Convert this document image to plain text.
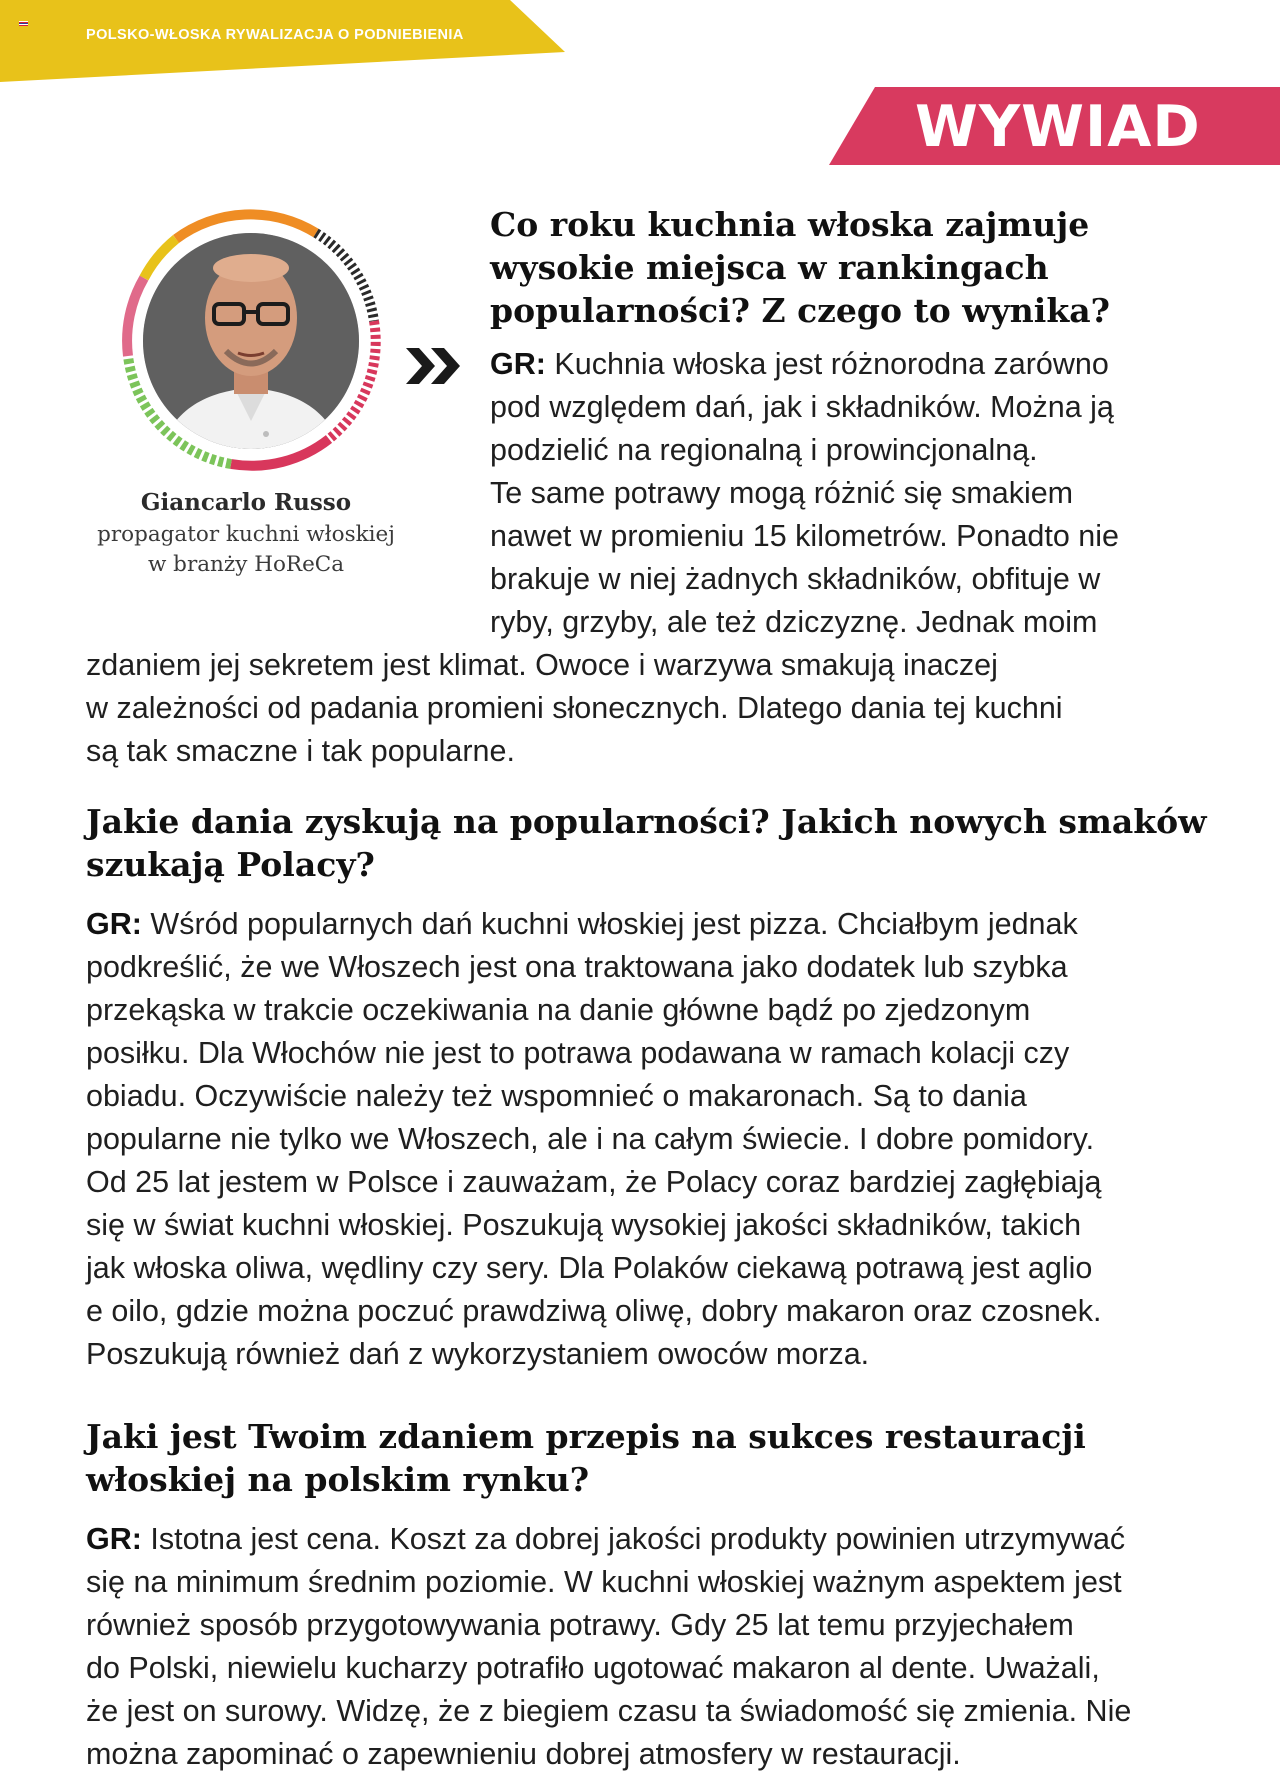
POLSKO-WŁOSKA RYWALIZACJA O PODNIEBIENIA
WYWIAD
Giancarlo Russo
propagator kuchni włoskiej
w branży HoReCa
Co roku kuchnia włoska zajmuje wysokie miejsca w rankingach popularności? Z czego to wynika?
GR: Kuchnia włoska jest różnorodna zarówno
pod względem dań, jak i składników. Można ją
podzielić na regionalną i prowincjonalną.
Te same potrawy mogą różnić się smakiem
nawet w promieniu 15 kilometrów. Ponadto nie
brakuje w niej żadnych składników, obfituje w
ryby, grzyby, ale też dziczyznę. Jednak moim
zdaniem jej sekretem jest klimat. Owoce i warzywa smakują inaczej
w zależności od padania promieni słonecznych. Dlatego dania tej kuchni
są tak smaczne i tak popularne.
Jakie dania zyskują na popularności? Jakich nowych smaków szukają Polacy?
GR: Wśród popularnych dań kuchni włoskiej jest pizza. Chciałbym jednak
podkreślić, że we Włoszech jest ona traktowana jako dodatek lub szybka
przekąska w trakcie oczekiwania na danie główne bądź po zjedzonym
posiłku. Dla Włochów nie jest to potrawa podawana w ramach kolacji czy
obiadu. Oczywiście należy też wspomnieć o makaronach. Są to dania
popularne nie tylko we Włoszech, ale i na całym świecie. I dobre pomidory.
Od 25 lat jestem w Polsce i zauważam, że Polacy coraz bardziej zagłębiają
się w świat kuchni włoskiej. Poszukują wysokiej jakości składników, takich
jak włoska oliwa, wędliny czy sery. Dla Polaków ciekawą potrawą jest aglio
e oilo, gdzie można poczuć prawdziwą oliwę, dobry makaron oraz czosnek.
Poszukują również dań z wykorzystaniem owoców morza.
Jaki jest Twoim zdaniem przepis na sukces restauracji włoskiej na polskim rynku?
GR: Istotna jest cena. Koszt za dobrej jakości produkty powinien utrzymywać
się na minimum średnim poziomie. W kuchni włoskiej ważnym aspektem jest
również sposób przygotowywania potrawy. Gdy 25 lat temu przyjechałem
do Polski, niewielu kucharzy potrafiło ugotować makaron al dente. Uważali,
że jest on surowy. Widzę, że z biegiem czasu ta świadomość się zmienia. Nie
można zapominać o zapewnieniu dobrej atmosfery w restauracji.
